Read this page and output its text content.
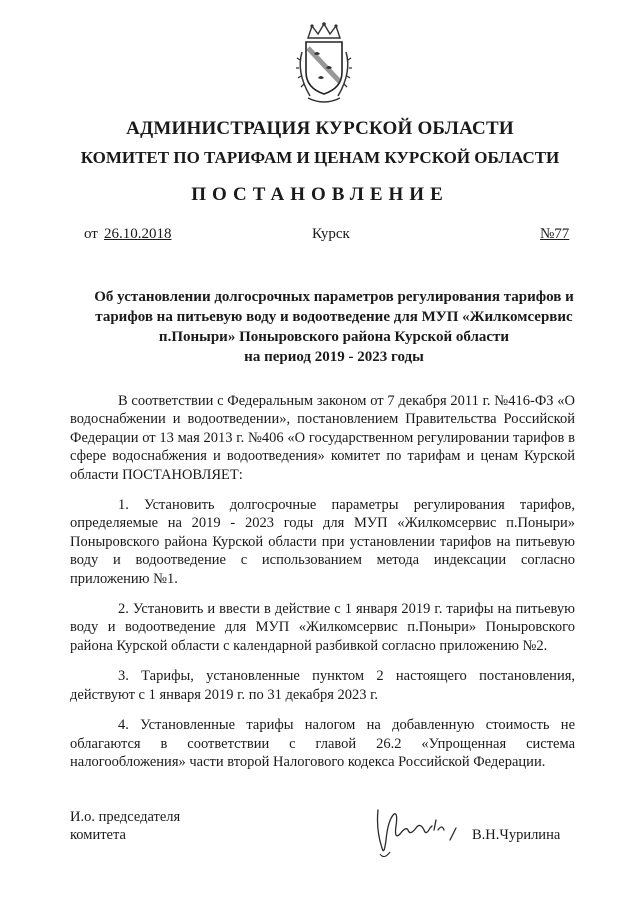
АДМИНИСТРАЦИЯ КУРСКОЙ ОБЛАСТИ
КОМИТЕТ ПО ТАРИФАМ И ЦЕНАМ КУРСКОЙ ОБЛАСТИ
ПОСТАНОВЛЕНИЕ
от 26.10.2018	Курск	№77
Об установлении долгосрочных параметров регулирования тарифов и
тарифов на питьевую воду и водоотведение для МУП «Жилкомсервис
п.Поныри» Поныровского района Курской области
на период 2019 - 2023 годы

В соответствии с Федеральным законом от 7 декабря 2011 г. №416-ФЗ «О водоснабжении и водоотведении», постановлением Правительства Российской Федерации от 13 мая 2013 г. №406 «О государственном регулировании тарифов в сфере водоснабжения и водоотведения» комитет по тарифам и ценам Курской области ПОСТАНОВЛЯЕТ:

1. Установить долгосрочные параметры регулирования тарифов, определяемые на 2019 - 2023 годы для МУП «Жилкомсервис п.Поныри» Поныровского района Курской области при установлении тарифов на питьевую воду и водоотведение с использованием метода индексации согласно приложению №1.

2. Установить и ввести в действие с 1 января 2019 г. тарифы на питьевую воду и водоотведение для МУП «Жилкомсервис п.Поныри» Поныровского района Курской области с календарной разбивкой согласно приложению №2.

3. Тарифы, установленные пунктом 2 настоящего постановления, действуют с 1 января 2019 г. по 31 декабря 2023 г.

4. Установленные тарифы налогом на добавленную стоимость не облагаются в соответствии с главой 26.2 «Упрощенная система налогообложения» части второй Налогового кодекса Российской Федерации.

И.о. председателя
комитета	В.Н.Чурилина
